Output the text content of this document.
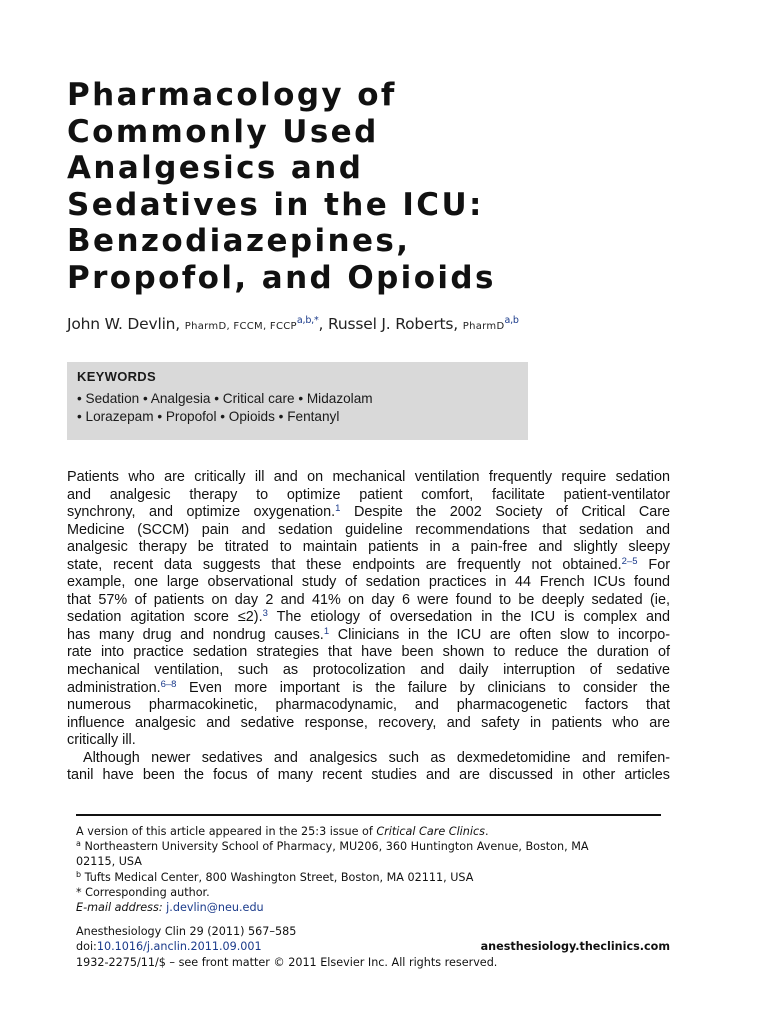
Pharmacology of
Commonly Used
Analgesics and
Sedatives in the ICU:
Benzodiazepines,
Propofol, and Opioids
John W. Devlin, PharmD, FCCM, $FCCP^{a,b,*}$, Russel J. Roberts, PharmD$^{a,b}$
KEYWORDS
• Sedation • Analgesia • Critical care • Midazolam
• Lorazepam • Propofol • Opioids • Fentanyl

Patients who are critically ill and on mechanical ventilation frequently require sedation
and analgesic therapy to optimize patient comfort, facilitate patient-ventilator
synchrony, and optimize oxygenation.$^1$ Despite the 2002 Society of Critical Care
Medicine (SCCM) pain and sedation guideline recommendations that sedation and
analgesic therapy be titrated to maintain patients in a pain-free and slightly sleepy
state, recent data suggests that these endpoints are frequently not obtained.$^{2-5}$ For
example, one large observational study of sedation practices in 44 French ICUs found
that 57% of patients on day 2 and 41% on day 6 were found to be deeply sedated (ie,
sedation agitation score ≤2).$^3$ The etiology of oversedation in the ICU is complex and
has many drug and nondrug causes.$^1$ Clinicians in the ICU are often slow to incorpo-
rate into practice sedation strategies that have been shown to reduce the duration of
mechanical ventilation, such as protocolization and daily interruption of sedative
administration.$^{6-8}$ Even more important is the failure by clinicians to consider the
numerous pharmacokinetic, pharmacodynamic, and pharmacogenetic factors that
influence analgesic and sedative response, recovery, and safety in patients who are
critically ill.

Although newer sedatives and analgesics such as dexmedetomidine and remifen-
tanil have been the focus of many recent studies and are discussed in other articles

A version of this article appeared in the 25:3 issue of Critical Care Clinics.
$^a$ Northeastern University School of Pharmacy, MU206, 360 Huntington Avenue, Boston, MA
02115, USA
$^b$ Tufts Medical Center, 800 Washington Street, Boston, MA 02111, USA
* Corresponding author.
E-mail address: j.devlin@neu.edu
Anesthesiology Clin 29 (2011) 567–585
doi:10.1016/j.anclin.2011.09.001	anesthesiology.theclinics.com
1932-2275/11/$ – see front matter © 2011 Elsevier Inc. All rights reserved.
